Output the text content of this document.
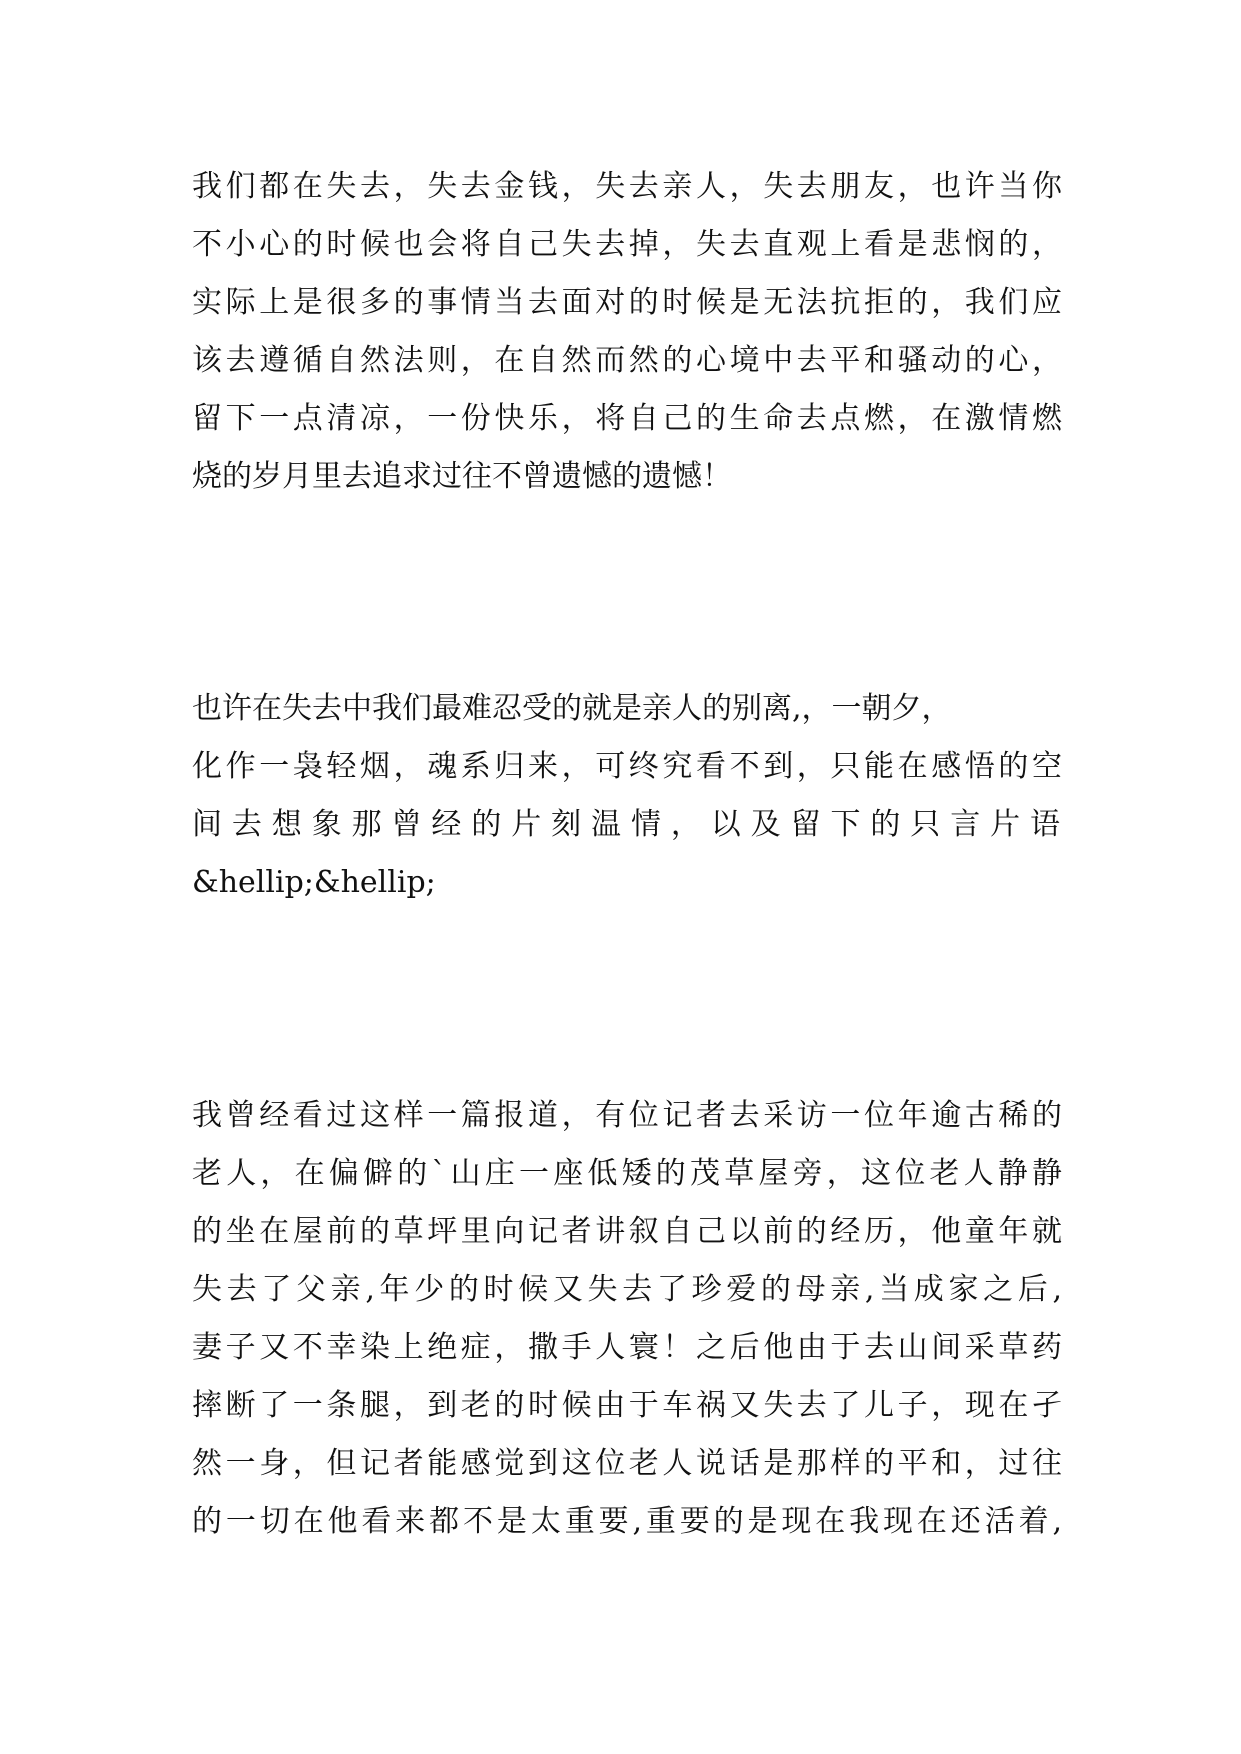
我们都在失去，失去金钱，失去亲人，失去朋友，也许当你
不小心的时候也会将自己失去掉，失去直观上看是悲悯的，
实际上是很多的事情当去面对的时候是无法抗拒的，我们应
该去遵循自然法则，在自然而然的心境中去平和骚动的心，
留下一点清凉，一份快乐，将自己的生命去点燃，在激情燃
烧的岁月里去追求过往不曾遗憾的遗憾！
也许在失去中我们最难忍受的就是亲人的别离,，一朝夕，
化作一袅轻烟，魂系归来，可终究看不到，只能在感悟的空
间去想象那曾经的片刻温情，以及留下的只言片语
&hellip;&hellip;
我曾经看过这样一篇报道，有位记者去采访一位年逾古稀的
老人，在偏僻的`山庄一座低矮的茂草屋旁，这位老人静静
的坐在屋前的草坪里向记者讲叙自己以前的经历，他童年就
失去了父亲,年少的时候又失去了珍爱的母亲,当成家之后,
妻子又不幸染上绝症，撒手人寰！之后他由于去山间采草药
摔断了一条腿，到老的时候由于车祸又失去了儿子，现在孑
然一身，但记者能感觉到这位老人说话是那样的平和，过往
的一切在他看来都不是太重要,重要的是现在我现在还活着,
